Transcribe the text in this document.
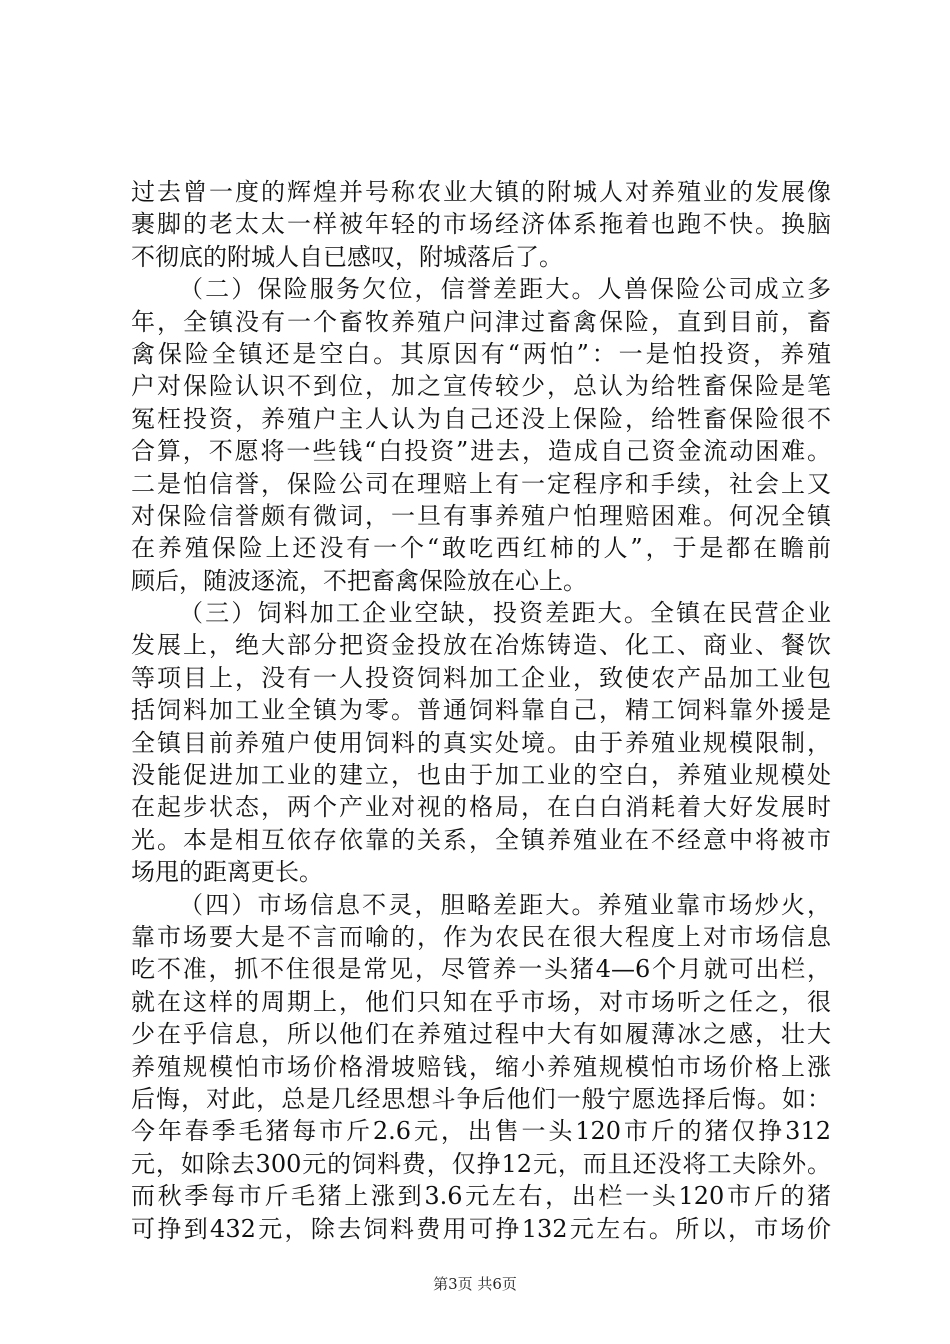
过去曾一度的辉煌并号称农业大镇的附城人对养殖业的发展像
裹脚的老太太一样被年轻的市场经济体系拖着也跑不快。换脑
不彻底的附城人自已感叹，附城落后了。
（二）保险服务欠位，信誉差距大。人兽保险公司成立多
年，全镇没有一个畜牧养殖户问津过畜禽保险，直到目前，畜
禽保险全镇还是空白。其原因有“两怕”：一是怕投资，养殖
户对保险认识不到位，加之宣传较少，总认为给牲畜保险是笔
冤枉投资，养殖户主人认为自己还没上保险，给牲畜保险很不
合算，不愿将一些钱“白投资”进去，造成自己资金流动困难。
二是怕信誉，保险公司在理赔上有一定程序和手续，社会上又
对保险信誉颇有微词，一旦有事养殖户怕理赔困难。何况全镇
在养殖保险上还没有一个“敢吃西红柿的人”，于是都在瞻前
顾后，随波逐流，不把畜禽保险放在心上。
（三）饲料加工企业空缺，投资差距大。全镇在民营企业
发展上，绝大部分把资金投放在冶炼铸造、化工、商业、餐饮
等项目上，没有一人投资饲料加工企业，致使农产品加工业包
括饲料加工业全镇为零。普通饲料靠自己，精工饲料靠外援是
全镇目前养殖户使用饲料的真实处境。由于养殖业规模限制，
没能促进加工业的建立，也由于加工业的空白，养殖业规模处
在起步状态，两个产业对视的格局，在白白消耗着大好发展时
光。本是相互依存依靠的关系，全镇养殖业在不经意中将被市
场甩的距离更长。
（四）市场信息不灵，胆略差距大。养殖业靠市场炒火，
靠市场要大是不言而喻的，作为农民在很大程度上对市场信息
吃不准，抓不住很是常见，尽管养一头猪4—6个月就可出栏，
就在这样的周期上，他们只知在乎市场，对市场听之任之，很
少在乎信息，所以他们在养殖过程中大有如履薄冰之感，壮大
养殖规模怕市场价格滑坡赔钱，缩小养殖规模怕市场价格上涨
后悔，对此，总是几经思想斗争后他们一般宁愿选择后悔。如：
今年春季毛猪每市斤2.6元，出售一头120市斤的猪仅挣312
元，如除去300元的饲料费，仅挣12元，而且还没将工夫除外。
而秋季每市斤毛猪上涨到3.6元左右，出栏一头120市斤的猪
可挣到432元，除去饲料费用可挣132元左右。所以，市场价
第3页 共6页
